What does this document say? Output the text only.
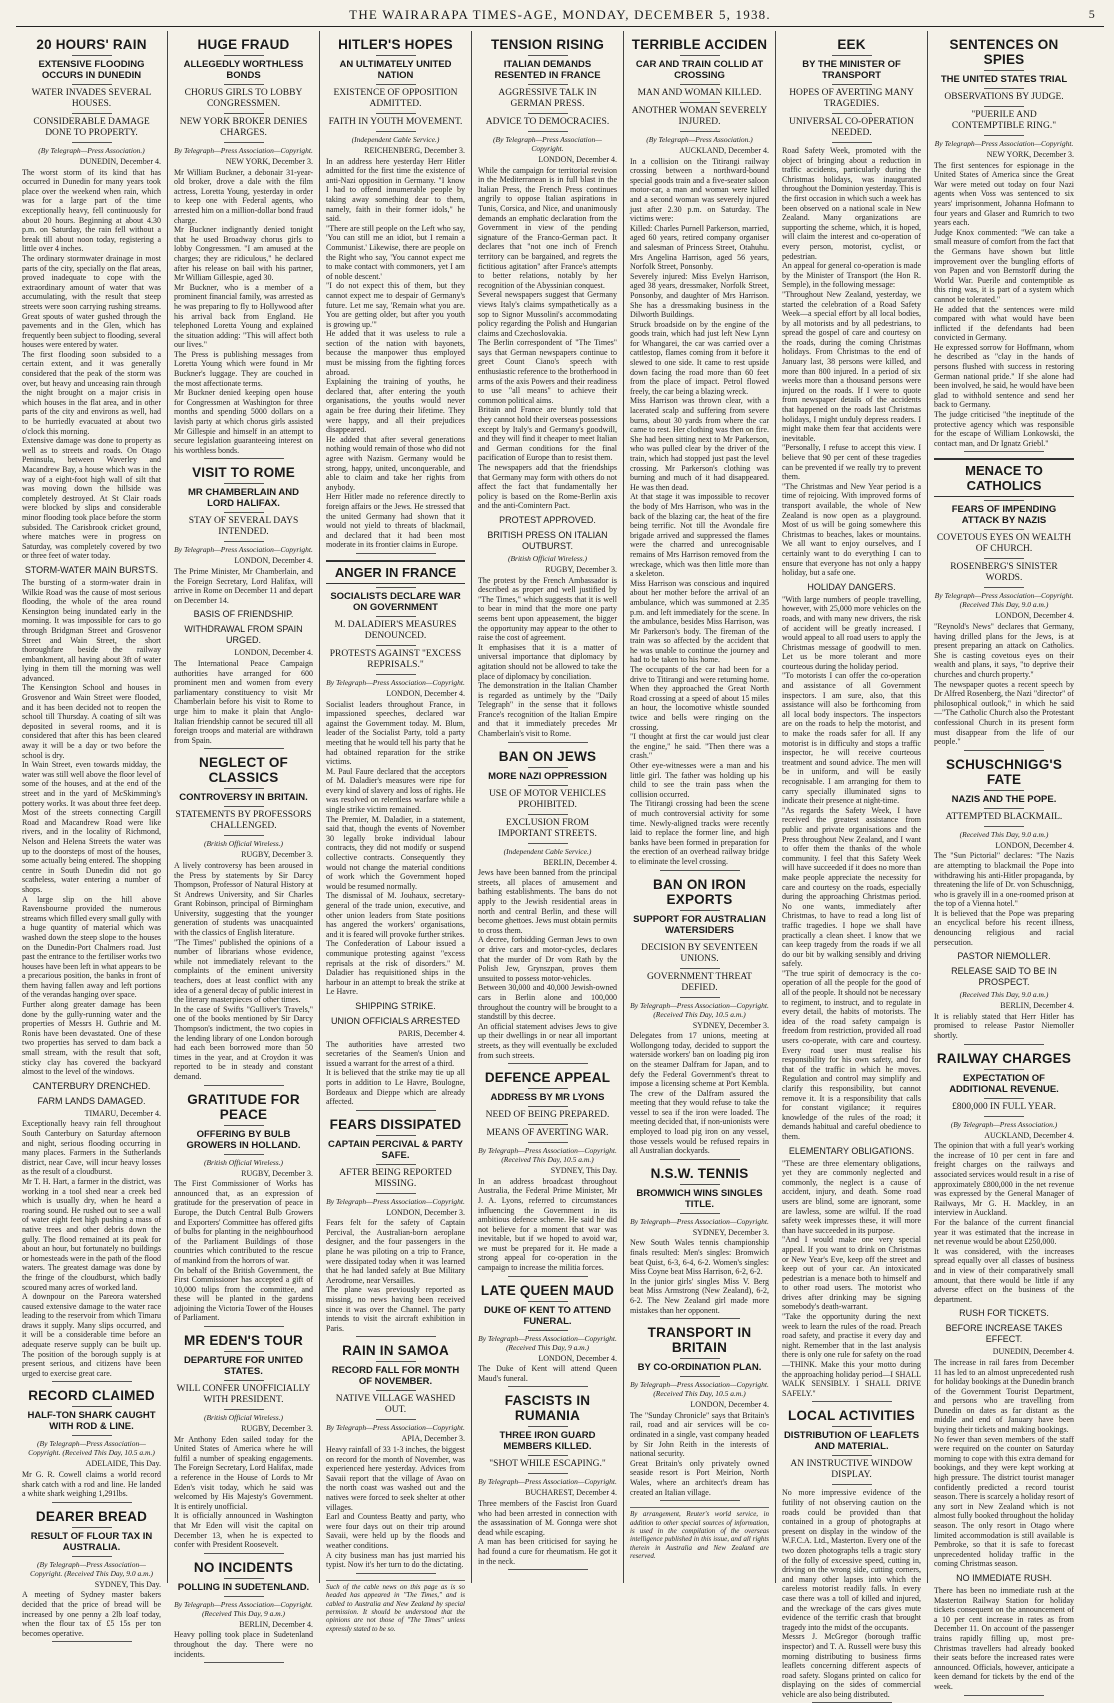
THE WAIRARAPA TIMES-AGE, MONDAY, DECEMBER 5, 1938.	5
20 HOURS' RAIN
EXTENSIVE FLOODING OCCURS IN DUNEDIN
WATER INVADES SEVERAL HOUSES.
CONSIDERABLE DAMAGE DONE TO PROPERTY.
(By Telegraph—Press Association.)
DUNEDIN, December 4.

The worst storm of its kind that has occurred in Dunedin for many years took place over the weekend when rain, which was for a large part of the time exceptionally heavy, fell continuously for about 20 hours. Beginning at about 4.30 p.m. on Saturday, the rain fell without a break till about noon today, registering a little over 4 inches.

The ordinary stormwater drainage in most parts of the city, specially on the flat areas, proved inadequate to cope with the extraordinary amount of water that was accumulating, with the result that steep streets were soon carrying rushing streams. Great spouts of water gushed through the pavements and in the Glen, which has frequently been subject to flooding, several houses were entered by water.

The first flooding soon subsided to a certain extent, and it was generally considered that the peak of the storm was over, but heavy and unceasing rain through the night brought on a major crisis in which houses in the flat area, and in other parts of the city and environs as well, had to be hurriedly evacuated at about two o'clock this morning.

Extensive damage was done to property as well as to streets and roads. On Otago Peninsula, between Waverley and Macandrew Bay, a house which was in the way of a eight-foot high wall of silt that was moving down the hillside was completely destroyed. At St Clair roads were blocked by slips and considerable minor flooding took place before the storm subsided. The Carisbrook cricket ground, where matches were in progress on Saturday, was completely covered by two or three feet of water today.

STORM-WATER MAIN BURSTS.

The bursting of a storm-water drain in Wilkie Road was the cause of most serious flooding, the whole of the area round Kensington being inundated early in the morning. It was impossible for cars to go through Bridgman Street and Grosvenor Street and Wain Street, the short thoroughfare beside the railway embankment, all having about 3ft of water lying in them till the morning was well advanced.

The Kensington School and houses in Grosvenor and Wain Street were flooded, and it has been decided not to reopen the school till Thursday. A coating of silt was deposited in several rooms, and it is considered that after this has been cleared away it will be a day or two before the school is dry.

In Wain Street, even towards midday, the water was still well above the floor level of some of the houses, and at the end of the street and in the yard of McSkimming's pottery works. It was about three feet deep. Most of the streets connecting Cargill Road and Macandrew Road were like rivers, and in the locality of Richmond, Nelson and Helena Streets the water was up to the doorsteps of most of the houses, some actually being entered. The shopping centre in South Dunedin did not go scatheless, water entering a number of shops.

A large slip on the hill above Ravensbourne provided the numerous streams which filled every small gully with a huge quantity of material which was washed down the steep slope to the houses on the Dunedin-Port Chalmers road. Just past the entrance to the fertiliser works two houses have been left in what appears to be a precarious position, the banks in front of them having fallen away and left portions of the verandas hanging over space.

Further along greater damage has been done by the gully-running water and the properties of Messrs H. Guthrie and M. Ronis have been devastated. One of these two properties has served to dam back a small stream, with the result that soft, sticky clay has covered the backyard almost to the level of the windows.

CANTERBURY DRENCHED.
FARM LANDS DAMAGED.
TIMARU, December 4.

Exceptionally heavy rain fell throughout South Canterbury on Saturday afternoon and night, serious flooding occurring in many places. Farmers in the Sutherlands district, near Cave, will incur heavy losses as the result of a cloudburst.

Mr T. H. Hart, a farmer in the district, was working in a tool shed near a creek bed which is usually dry, when he heard a roaring sound. He rushed out to see a wall of water eight feet high pushing a mass of native trees and other debris down the gully. The flood remained at its peak for about an hour, but fortunately no buildings or homesteads were in the path of the flood waters. The greatest damage was done by the fringe of the cloudburst, which badly scoured many acres of worked land.

A downpour on the Pareora watershed caused extensive damage to the water race leading to the reservoir from which Timaru draws it supply. Many slips occurred, and it will be a considerable time before an adequate reserve supply can be built up. The position of the borough supply is at present serious, and citizens have been urged to exercise great care.

RECORD CLAIMED
HALF-TON SHARK CAUGHT WITH ROD & LINE.
(By Telegraph—Press Association—Copyright. (Received This Day, 10.5 a.m.)
ADELAIDE, This Day.

Mr G. R. Cowell claims a world record shark catch with a rod and line. He landed a white shark weighing 1,291lbs.

DEARER BREAD
RESULT OF FLOUR TAX IN AUSTRALIA.
(By Telegraph—Press Association—Copyright. (Received This Day, 9.0 a.m.)
SYDNEY, This Day.

A meeting of Sydney master bakers decided that the price of bread will be increased by one penny a 2lb loaf today, when the flour tax of £5 15s per ton becomes operative.

HUGE FRAUD
ALLEGEDLY WORTHLESS BONDS
CHORUS GIRLS TO LOBBY CONGRESSMEN.
NEW YORK BROKER DENIES CHARGES.
By Telegraph—Press Association—Copyright.
NEW YORK, December 3.

Mr William Buckner, a debonair 31-year-old broker, drove a dale with the film actress, Loretta Young, yesterday in order to keep one with Federal agents, who arrested him on a million-dollar bond fraud charge.

Mr Buckner indignantly denied tonight that he used Broadway chorus girls to lobby Congressmen. "I am amused at the charges; they are ridiculous," he declared after his release on bail with his partner, Mr William Gillespie, aged 30.

Mr Buckner, who is a member of a prominent financial family, was arrested as he was preparing to fly to Hollywood after his arrival back from England. He telephoned Loretta Young and explained the situation adding: "This will affect both our lives."

The Press is publishing messages from Loretta Young which were found in Mr Buckner's luggage. They are couched in the most affectionate terms.

Mr Buckner denied keeping open house for Congressmen at Washington for three months and spending 5000 dollars on a lavish party at which chorus girls assisted Mr Gillespie and himself in an attempt to secure legislation guaranteeing interest on his worthless bonds.

VISIT TO ROME
MR CHAMBERLAIN AND LORD HALIFAX.
STAY OF SEVERAL DAYS INTENDED.
By Telegraph—Press Association—Copyright.
LONDON, December 4.

The Prime Minister, Mr Chamberlain, and the Foreign Secretary, Lord Halifax, will arrive in Rome on December 11 and depart on December 14.

BASIS OF FRIENDSHIP.
WITHDRAWAL FROM SPAIN URGED.
LONDON, December 4.

The International Peace Campaign authorities have arranged for 600 prominent men and women from every parliamentary constituency to visit Mr Chamberlain before his visit to Rome to urge him to make it plain that Anglo-Italian friendship cannot be secured till all foreign troops and material are withdrawn from Spain.

NEGLECT OF CLASSICS
CONTROVERSY IN BRITAIN.
STATEMENTS BY PROFESSORS CHALLENGED.
(British Official Wireless.)
RUGBY, December 3.

A lively controversy has been aroused in the Press by statements by Sir Darcy Thompson, Professor of Natural History at St Andrews University, and Sir Charles Grant Robinson, principal of Birmingham University, suggesting that the younger generation of students was unacquainted with the classics of English literature.

"The Times" published the opinions of a number of librarians whose evidence, while not immediately relevant to the complaints of the eminent university teachers, does at least conflict with any idea of a general decay of public interest in the literary masterpieces of other times.

In the case of Swifts "Gulliver's Travels," one of the books mentioned by Sir Darcy Thompson's indictment, the two copies in the lending library of one London borough had each been borrowed more than 50 times in the year, and at Croydon it was reported to be in steady and constant demand.

GRATITUDE FOR PEACE
OFFERING BY BULB GROWERS IN HOLLAND.
(British Official Wireless.)
RUGBY, December 3.

The First Commissioner of Works has announced that, as an expression of gratitude for the preservation of peace in Europe, the Dutch Central Bulb Growers and Exporters' Committee has offered gifts of bulbs for planting in the neighbourhood of the Parliament Buildings of those countries which contributed to the rescue of mankind from the horrors of war.

On behalf of the British Government, the First Commissioner has accepted a gift of 10,000 tulips from the committee, and these will be planted in the gardens adjoining the Victoria Tower of the Houses of Parliament.

MR EDEN'S TOUR
DEPARTURE FOR UNITED STATES.
WILL CONFER UNOFFICIALLY WITH PRESIDENT.
(British Official Wireless.)
RUGBY, December 3.

Mr Anthony Eden sailed today for the United States of America where he will fulfil a number of speaking engagements. The Foreign Secretary, Lord Halifax, made a reference in the House of Lords to Mr Eden's visit today, which he said was welcomed by His Majesty's Government. It is entirely unofficial.

It is officially announced in Washington that Mr Eden will visit the capital on December 13, when he is expected to confer with President Roosevelt.

NO INCIDENTS
POLLING IN SUDETENLAND.
By Telegraph—Press Association—Copyright. (Received This Day, 9 a.m.)
BERLIN, December 4.

Heavy polling took place in Sudetenland throughout the day. There were no incidents.

HITLER'S HOPES
AN ULTIMATELY UNITED NATION
EXISTENCE OF OPPOSITION ADMITTED.
FAITH IN YOUTH MOVEMENT.
(Independent Cable Service.)
REICHENBERG, December 3.

In an address here yesterday Herr Hitler admitted for the first time the existence of anti-Nazi opposition in Germany. "I know I had to offend innumerable people by taking away something dear to them, namely, faith in their former idols," he said.

"There are still people on the Left who say, 'You can still me an idiot, but I remain a Communist.' Likewise, there are people on the Right who say, 'You cannot expect me to make contact with commoners, yet I am of noble descent.'

"I do not expect this of them, but they cannot expect me to despair of Germany's future. Let me say, 'Remain what you are. You are getting older, but after you youth is growing up.'"

He added that it was useless to rule a section of the nation with bayonets, because the manpower thus employed must be missing from the fighting forces abroad.

Explaining the training of youths, he declared that, after entering the youth organisations, the youths would never again be free during their lifetime. They were happy, and all their prejudices disappeared.

He added that after several generations nothing would remain of those who did not agree with Nazism. Germany would be strong, happy, united, unconquerable, and able to claim and take her rights from anybody.

Herr Hitler made no reference directly to foreign affairs or the Jews. He stressed that the united Germany had shown that it would not yield to threats of blackmail, and declared that it had been most moderate in its frontier claims in Europe.

ANGER IN FRANCE
SOCIALISTS DECLARE WAR ON GOVERNMENT
M. DALADIER'S MEASURES DENOUNCED.
PROTESTS AGAINST "EXCESS REPRISALS."
By Telegraph—Press Association—Copyright.
LONDON, December 4.

Socialist leaders throughout France, in impassioned speeches, declared war against the Government today. M. Blum, leader of the Socialist Party, told a party meeting that he would tell his party that he had obtained reparation for the strike victims.

M. Paul Faure declared that the acceptors of M. Daladier's measures were ripe for every kind of slavery and loss of rights. He was resolved on relentless warfare while a single strike victim remained.

The Premier, M. Daladier, in a statement, said that, though the events of November 30 legally broke individual labour contracts, they did not modify or suspend collective contracts. Consequently they would not change the material conditions of work which the Government hoped would be resumed normally.

The dismissal of M. Jouhaux, secretary-general of the trade union, executive, and other union leaders from State positions has angered the workers' organisations, and it is feared will provoke further strikes.

The Confederation of Labour issued a communique protesting against "excess reprisals at the risk of disorders." M. Daladier has requisitioned ships in the harbour in an attempt to break the strike at Le Havre.

SHIPPING STRIKE.
UNION OFFICIALS ARRESTED
PARIS, December 4.

The authorities have arrested two secretaries of the Seamen's Union and issued a warrant for the arrest of a third.

It is believed that the strike may tie up all ports in addition to Le Havre, Boulogne, Bordeaux and Dieppe which are already affected.

FEARS DISSIPATED
CAPTAIN PERCIVAL & PARTY SAFE.
AFTER BEING REPORTED MISSING.
By Telegraph—Press Association—Copyright.
LONDON, December 3.

Fears felt for the safety of Captain Percival, the Australian-born aeroplane designer, and the four passengers in the plane he was piloting on a trip to France, were dissipated today when it was learned that he had landed safely at Bue Military Aerodrome, near Versailles.

The plane was previously reported as missing, no news having been received since it was over the Channel. The party intends to visit the aircraft exhibition in Paris.

RAIN IN SAMOA
RECORD FALL FOR MONTH OF NOVEMBER.
NATIVE VILLAGE WASHED OUT.
By Telegraph—Press Association—Copyright.
APIA, December 3.

Heavy rainfall of 33 1-3 inches, the biggest on record for the month of November, was experienced here yesterday. Advices from Savaii report that the village of Avao on the north coast was washed out and the natives were forced to seek shelter at other villages.

Earl and Countess Beatty and party, who were four days out on their trip around Savaii, were held up by the floods and weather conditions.

A city business man has just married his typist. Now it's her turn to do the dictating.

Such of the cable news on this page as is so headed has appeared in "The Times," and is cabled to Australia and New Zealand by special permission. It should be understood that the opinions are not those of "The Times" unless expressly stated to be so.
TENSION RISING
ITALIAN DEMANDS RESENTED IN FRANCE
AGGRESSIVE TALK IN GERMAN PRESS.
ADVICE TO DEMOCRACIES.
(By Telegraph—Press Association—Copyright.
LONDON, December 4.

While the campaign for territorial revision in the Mediterranean is in full blast in the Italian Press, the French Press continues angrily to oppose Italian aspirations in Tunis, Corsica, and Nice, and unanimously demands an emphatic declaration from the Government in view of the pending signature of the Franco-German pact. It declares that "not one inch of French territory can be bargained, and regrets the fictitious agitation" after France's attempts to better relations, notably by her recognition of the Abyssinian conquest.

Several newspapers suggest that Germany views Italy's claims sympathetically as a sop to Signor Mussolini's accommodating policy regarding the Polish and Hungarian claims and Czechoslovakia.

The Berlin correspondent of "The Times" says that German newspapers continue to greet Count Ciano's speech with enthusiastic reference to the brotherhood in arms of the axis Powers and their readiness to use "all means" to achieve their common political aims.

Britain and France are bluntly told that they cannot hold their overseas possessions except by Italy's and Germany's goodwill, and they will find it cheaper to meet Italian and German conditions for the final pacification of Europe than to resist them.

The newspapers add that the friendships that Germany may form with others do not affect the fact that fundamentally her policy is based on the Rome-Berlin axis and the anti-Comintern Pact.

PROTEST APPROVED.
BRITISH PRESS ON ITALIAN OUTBURST.
(British Official Wireless.)
RUGBY, December 3.

The protest by the French Ambassador is described as proper and well justified by "The Times," which suggests that it is well to bear in mind that the more one party seems bent upon appeasement, the bigger the opportunity may appear to the other to raise the cost of agreement.

It emphasises that it is a matter of universal importance that diplomacy by agitation should not be allowed to take the place of diplomacy by conciliation.

The demonstration in the Italian Chamber is regarded as untimely by the "Daily Telegraph" in the sense that it follows France's recognition of the Italian Empire and that it immediately precedes Mr Chamberlain's visit to Rome.

BAN ON JEWS
MORE NAZI OPPRESSION
USE OF MOTOR VEHICLES PROHIBITED.
EXCLUSION FROM IMPORTANT STREETS.
(Independent Cable Service.)
BERLIN, December 4.

Jews have been banned from the principal streets, all places of amusement and bathing establishments. The bans do not apply to the Jewish residential areas in north and central Berlin, and these will become ghettoes. Jews must obtain permits to cross them.

A decree, forbidding German Jews to own or drive cars and motor-cycles, declares that the murder of Dr vom Rath by the Polish Jew, Grynszpan, proves them unsuited to possess motor-vehicles.

Between 30,000 and 40,000 Jewish-owned cars in Berlin alone and 100,000 throughout the country will be brought to a standstill by this decree.

An official statement advises Jews to give up their dwellings in or near all important streets, as they will eventually be excluded from such streets.

DEFENCE APPEAL
ADDRESS BY MR LYONS
NEED OF BEING PREPARED.
MEANS OF AVERTING WAR.
By Telegraph—Press Association—Copyright. (Received This Day, 10.5 a.m.)
SYDNEY, This Day.

In an address broadcast throughout Australia, the Federal Prime Minister, Mr J. A. Lyons, referred to circumstances influencing the Government in its ambitious defence scheme. He said he did not believe for a moment that war was inevitable, but if we hoped to avoid war, we must be prepared for it. He made a strong appeal for co-operation in the campaign to increase the militia forces.

LATE QUEEN MAUD
DUKE OF KENT TO ATTEND FUNERAL.
By Telegraph—Press Association—Copyright. (Received This Day, 9 a.m.)
LONDON, December 4.

The Duke of Kent will attend Queen Maud's funeral.

FASCISTS IN RUMANIA
THREE IRON GUARD MEMBERS KILLED.
"SHOT WHILE ESCAPING."
By Telegraph—Press Association—Copyright.
BUCHAREST, December 4.

Three members of the Fascist Iron Guard who had been arrested in connection with the assassination of M. Gonnga were shot dead while escaping.

A man has been criticised for saying he had found a cure for rheumatism. He got it in the neck.

TERRIBLE ACCIDEN
CAR AND TRAIN COLLID AT CROSSING
MAN AND WOMAN KILLED.
ANOTHER WOMAN SEVERELY INJURED.
(By Telegraph—Press Association.)
AUCKLAND, December 4.

In a collision on the Titirangi railway crossing between a northward-bound special goods train and a five-seater saloon motor-car, a man and woman were killed and a second woman was severely injured just after 2.30 p.m. on Saturday. The victims were:

Killed: Charles Purnell Parkerson, married, aged 60 years, retired company organiser and salesman of Princess Street, Otahuhu. Mrs Angelina Harrison, aged 56 years, Norfolk Street, Ponsonby.

Severely injured: Miss Evelyn Harrison, aged 38 years, dressmaker, Norfolk Street, Ponsonby, and daughter of Mrs Harrison. She has a dressmaking business in the Dilworth Buildings.

Struck broadside on by the engine of the goods train, which had just left New Lynn for Whangarei, the car was carried over a cattlestop, flames coming from it before it slewed to one side. It came to rest upside down facing the road more than 60 feet from the place of impact. Petrol flowed freely, the car being a blazing wreck.

Miss Harrison was thrown clear, with a lacerated scalp and suffering from severe burns, about 30 yards from where the car came to rest. Her clothing was then on fire. She had been sitting next to Mr Parkerson, who was pulled clear by the driver of the train, which had stopped just past the level crossing. Mr Parkerson's clothing was burning and much of it had disappeared. He was then dead.

At that stage it was impossible to recover the body of Mrs Harrison, who was in the back of the blazing car, the heat of the fire being terrific. Not till the Avondale fire brigade arrived and suppressed the flames were the charred and unrecognisable remains of Mrs Harrison removed from the wreckage, which was then little more than a skeleton.

Miss Harrison was conscious and inquired about her mother before the arrival of an ambulance, which was summoned at 2.35 p.m. and left immediately for the scene. In the ambulance, besides Miss Harrison, was Mr Parkerson's body. The fireman of the train was so affected by the accident that he was unable to continue the journey and had to be taken to his home.

The occupants of the car had been for a drive to Titirangi and were returning home. When they approached the Great North Road crossing at a speed of about 15 miles an hour, the locomotive whistle sounded twice and bells were ringing on the crossing.

"I thought at first the car would just clear the engine," he said. "Then there was a crash."

Other eye-witnesses were a man and his little girl. The father was holding up his child to see the train pass when the collision occurred.

The Titirangi crossing had been the scene of much controversial activity for some time. Newly-aligned tracks were recently laid to replace the former line, and high banks have been formed in preparation for the erection of an overhead railway bridge to eliminate the level crossing.

BAN ON IRON EXPORTS
SUPPORT FOR AUSTRALIAN WATERSIDERS
DECISION BY SEVENTEEN UNIONS.
GOVERNMENT THREAT DEFIED.
By Telegraph—Press Association—Copyright. (Received This Day, 10.5 a.m.)
SYDNEY, December 3.

Delegates from 17 unions, meeting at Wollongong today, decided to support the waterside workers' ban on loading pig iron on the steamer Dalfram for Japan, and to defy the Federal Government's threat to impose a licensing scheme at Port Kembla. The crew of the Dalfram assured the meeting that they would refuse to take the vessel to sea if the iron were loaded. The meeting decided that, if non-unionists were employed to load pig iron on any vessel, those vessels would be refused repairs in all Australian dockyards.

N.S.W. TENNIS
BROMWICH WINS SINGLES TITLE.
By Telegraph—Press Association—Copyright.
SYDNEY, December 3.

New South Wales tennis championship finals resulted: Men's singles: Bromwich beat Quist, 6-3, 6-4, 6-2. Women's singles: Miss Coyne beat Miss Harrison, 6-2, 6-2.

In the junior girls' singles Miss V. Berg beat Miss Armstrong (New Zealand), 6-2, 6-2. The New Zealand girl made more mistakes than her opponent.

TRANSPORT IN BRITAIN
BY CO-ORDINATION PLAN.
By Telegraph—Press Association—Copyright. (Received This Day, 10.5 a.m.)
LONDON, December 4.

The "Sunday Chronicle" says that Britain's rail, road and air services will be co-ordinated in a single, vast company headed by Sir John Reith in the interests of national security.

Great Britain's only privately owned seaside resort is Port Meirion, North Wales, where an architect's dream has created an Italian village.

By arrangement, Reuter's world service, in addition to other special sources of information, is used in the compilation of the overseas intelligence published in this issue, and all rights therein in Australia and New Zealand are reserved.
EEK
BY THE MINISTER OF TRANSPORT
HOPES OF AVERTING MANY TRAGEDIES.
UNIVERSAL CO-OPERATION NEEDED.

Road Safety Week, promoted with the object of bringing about a reduction in traffic accidents, particularly during the Christmas holidays, was inaugurated throughout the Dominion yesterday. This is the first occasion in which such a week has been observed on a national scale in New Zealand. Many organizations are supporting the scheme, which, it is hoped, will claim the interest and co-operation of every person, motorist, cyclist, or pedestrian.

An appeal for general co-operation is made by the Minister of Transport (the Hon R. Semple), in the following message:

"Throughout New Zealand, yesterday, we started the celebration of a Road Safety Week—a special effort by all local bodies, by all motorists and by all pedestrians, to spread the gospel of care and courtesy on the roads, during the coming Christmas holidays. From Christmas to the end of January last, 38 persons were killed, and more than 800 injured. In a period of six weeks more than a thousand persons were injured on the roads. If I were to quote from newspaper details of the accidents that happened on the roads last Christmas holidays, I might unduly depress readers. I might make them fear that accidents were inevitable.

"Personally, I refuse to accept this view. I believe that 90 per cent of these tragedies can be prevented if we really try to prevent them.

"The Christmas and New Year period is a time of rejoicing. With improved forms of transport available, the whole of New Zealand is now open as a playground. Most of us will be going somewhere this Christmas to beaches, lakes or mountains. We all want to enjoy ourselves, and I certainly want to do everything I can to ensure that everyone has not only a happy holiday, but a safe one.

HOLIDAY DANGERS.

"With large numbers of people travelling, however, with 25,000 more vehicles on the roads, and with many new drivers, the risk of accident will be greatly increased. I would appeal to all road users to apply the Christmas message of goodwill to men. Let us be more tolerant and more courteous during the holiday period.

"To motorists I can offer the co-operation and assistance of all Government inspectors. I am sure, also, that this assistance will also be forthcoming from all local body inspectors. The inspectors are on the roads to help the motorist, and to make the roads safer for all. If any motorist is in difficulty and stops a traffic inspector, he will receive courteous treatment and sound advice. The men will be in uniform, and will be easily recognisable. I am arranging for them to carry specially illuminated signs to indicate their presence at night-time.

"As regards the Safety Week, I have received the greatest assistance from public and private organisations and the Press throughout New Zealand, and I want to offer them the thanks of the whole community. I feel that this Safety Week will have succeeded if it does no more than make people appreciate the necessity for care and courtesy on the roads, especially during the approaching Christmas period. No one wants, immediately after Christmas, to have to read a long list of traffic tragedies. I hope we shall have practically a clean sheet. I know that we can keep tragedy from the roads if we all do our bit by walking sensibly and driving safely.

"The true spirit of democracy is the co-operation of all the people for the good of all of the people. It should not be necessary to regiment, to instruct, and to regulate in every detail, the habits of motorists. The idea of the road safety campaign is freedom from restriction, provided all road users co-operate, with care and courtesy. Every road user must realise his responsibility for his own safety, and for that of the traffic in which he moves. Regulation and control may simplify and clarify this responsibility, but cannot remove it. It is a responsibility that calls for constant vigilance; it requires knowledge of the rules of the road; it demands habitual and careful obedience to them.

ELEMENTARY OBLIGATIONS.

"These are three elementary obligations, yet they are commonly neglected and commonly, the neglect is a cause of accident, injury, and death. Some road users are blind, some are ignorant, some are lawless, some are wilful. If the road safety week impresses these, it will more than have succeeded in its purpose.

"And I would make one very special appeal. If you want to drink on Christmas or New Year's Eve, keep off the street and keep out of your car. An intoxicated pedestrian is a menace both to himself and to other road users. The motorist who drives after drinking may be signing somebody's death-warrant.

"Take the opportunity during the next week to learn the rules of the road. Preach road safety, and practise it every day and night. Remember that in the last analysis there is only one rule for safety on the road—THINK. Make this your motto during the approaching holiday period—I SHALL WALK SENSIBLY. I SHALL DRIVE SAFELY."

LOCAL ACTIVITIES
DISTRIBUTION OF LEAFLETS AND MATERIAL.
AN INSTRUCTIVE WINDOW DISPLAY.

No more impressive evidence of the futility of not observing caution on the roads could be provided than that contained in a group of photographs at present on display in the window of the W.F.C.A. Ltd., Masterton. Every one of the two dozen photographs tells a tragic story of the folly of excessive speed, cutting in, driving on the wrong side, cutting corners, and many other lapses into which the careless motorist readily falls. In every case there was a toll of killed and injured, and the wreckage of the cars gives mute evidence of the terrific crash that brought tragedy into the midst of the occupants.

Messrs J. McGregor (borough traffic inspector) and T. A. Russell were busy this morning distributing to business firms leaflets concerning different aspects of road safety. Slogans printed on calico for displaying on the sides of commercial vehicle are also being distributed.

SENTENCES ON SPIES
THE UNITED STATES TRIAL
OBSERVATIONS BY JUDGE.
"PUERILE AND CONTEMPTIBLE RING."
By Telegraph—Press Association—Copyright.
NEW YORK, December 3.

The first sentences for espionage in the United States of America since the Great War were meted out today on four Nazi agents when Voss was sentenced to six years' imprisonment, Johanna Hofmann to four years and Glaser and Rumrich to two years each.

Judge Knox commented: "We can take a small measure of comfort from the fact that the Germans have shown but little improvement over the bungling efforts of von Papen and von Bernstorff during the World War. Puerile and contemptible as this ring was, it is part of a system which cannot be tolerated."

He added that the sentences were mild compared with what would have been inflicted if the defendants had been convicted in Germany.

He expressed sorrow for Hoffmann, whom he described as "clay in the hands of persons flushed with success in restoring German national pride." If she alone had been involved, he said, he would have been glad to withhold sentence and send her back to Germany.

The judge criticised "the ineptitude of the protective agency which was responsible for the escape of William Lonkowski, the contact man, and Dr Ignatz Griebl."

MENACE TO CATHOLICS
FEARS OF IMPENDING ATTACK BY NAZIS
COVETOUS EYES ON WEALTH OF CHURCH.
ROSENBERG'S SINISTER WORDS.
By Telegraph—Press Association—Copyright. (Received This Day, 9.0 a.m.)
LONDON, December 4.

"Reynold's News" declares that Germany, having drilled plans for the Jews, is at present preparing an attack on Catholics. She is casting covetous eyes on their wealth and plans, it says, "to deprive their churches and church property."

The newspaper quotes a recent speech by Dr Alfred Rosenberg, the Nazi "director" of philosophical outlook," in which he said—"The Catholic Church also the Protestant confessional Church in its present form must disappear from the life of our people."

SCHUSCHNIGG'S FATE
NAZIS AND THE POPE.
ATTEMPTED BLACKMAIL.
(Received This Day, 9.0 a.m.)
LONDON, December 4.

The "Sun Pictorial" declares: "The Nazis are attempting to blackmail the Pope into withdrawing his anti-Hitler propaganda, by threatening the life of Dr. von Schuschnigg, who is gravely ill in a one-roomed prison at the top of a Vienna hotel."

It is believed that the Pope was preparing an encyclical before his recent illness, denouncing religious and racial persecution.

PASTOR NIEMOLLER.
RELEASE SAID TO BE IN PROSPECT.
(Received This Day, 9.0 a.m.)
BERLIN, December 4.

It is reliably stated that Herr Hitler has promised to release Pastor Niemoller shortly.

RAILWAY CHARGES
EXPECTATION OF ADDITIONAL REVENUE.
£800,000 IN FULL YEAR.
(By Telegraph—Press Association.)
AUCKLAND, December 4.

The opinion that with a full year's working the increase of 10 per cent in fare and freight charges on the railways and associated services would result in a rise of approximately £800,000 in the net revenue was expressed by the General Manager of Railways, Mr G. H. Mackley, in an interview in Auckland.

For the balance of the current financial year it was estimated that the increase in net revenue would be about £250,000.

It was considered, with the increases spread equally over all classes of business and in view of their comparatively small amount, that there would be little if any adverse effect on the business of the department.

RUSH FOR TICKETS.
BEFORE INCREASE TAKES EFFECT.
DUNEDIN, December 4.

The increase in rail fares from December 11 has led to an almost unprecedented rush for holiday bookings at the Dunedin branch of the Government Tourist Department, and persons who are travelling from Dunedin on dates as far distant as the middle and end of January have been buying their tickets and making bookings.

No fewer than seven members of the staff were required on the counter on Saturday morning to cope with this extra demand for bookings, and they were kept working at high pressure. The district tourist manager confidently predicted a record tourist season. There is scarcely a holiday resort of any sort in New Zealand which is not almost fully booked throughout the holiday season. The only resort in Otago where limited accommodation is still available is Pembroke, so that it is safe to forecast unprecedented holiday traffic in the coming Christmas season.

NO IMMEDIATE RUSH.

There has been no immediate rush at the Masterton Railway Station for holiday tickets consequent on the announcement of a 10 per cent increase in rates as from December 11. On account of the passenger trains rapidly filling up, most pre-Christmas travellers had already booked their seats before the increased rates were announced. Officials, however, anticipate a keen demand for tickets by the end of the week.
